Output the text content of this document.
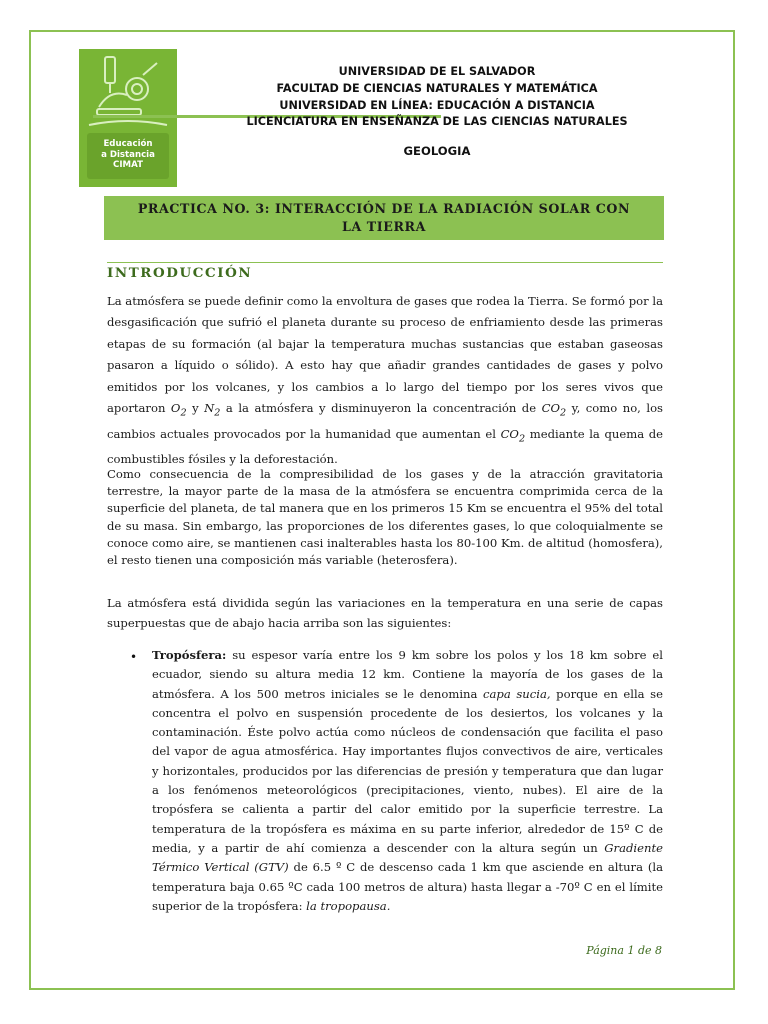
Educación
a Distancia
CIMAT
UNIVERSIDAD DE EL SALVADOR
FACULTAD DE CIENCIAS NATURALES Y MATEMÁTICA
UNIVERSIDAD EN LÍNEA: EDUCACIÓN A DISTANCIA
LICENCIATURA EN ENSEÑANZA DE LAS CIENCIAS NATURALES
GEOLOGIA
PRACTICA NO. 3: INTERACCIÓN DE LA RADIACIÓN SOLAR CON LA TIERRA
INTRODUCCIÓN

La atmósfera se puede definir como la envoltura de gases que rodea la Tierra. Se formó por la desgasificación que sufrió el planeta durante su proceso de enfriamiento desde las primeras etapas de su formación (al bajar la temperatura muchas sustancias que estaban gaseosas pasaron a líquido o sólido). A esto hay que añadir grandes cantidades de gases y polvo emitidos por los volcanes, y los cambios a lo largo del tiempo por los seres vivos que aportaron $O_2$ y $N_2$ a la atmósfera y disminuyeron la concentración de $CO_2$ y, como no, los cambios actuales provocados por la humanidad que aumentan el $CO_2$ mediante la quema de combustibles fósiles y la deforestación.

Como consecuencia de la compresibilidad de los gases y de la atracción gravitatoria terrestre, la mayor parte de la masa de la atmósfera se encuentra comprimida cerca de la superficie del planeta, de tal manera que en los primeros 15 Km se encuentra el 95% del total de su masa. Sin embargo, las proporciones de los diferentes gases, lo que coloquialmente se conoce como aire, se mantienen casi inalterables hasta los 80-100 Km. de altitud (homosfera), el resto tienen una composición más variable (heterosfera).

La atmósfera está dividida según las variaciones en la temperatura en una serie de capas superpuestas que de abajo hacia arriba son las siguientes:

• Tropósfera: su espesor varía entre los 9 km sobre los polos y los 18 km sobre el ecuador, siendo su altura media 12 km. Contiene la mayoría de los gases de la atmósfera. A los 500 metros iniciales se le denomina capa sucia, porque en ella se concentra el polvo en suspensión procedente de los desiertos, los volcanes y la contaminación. Éste polvo actúa como núcleos de condensación que facilita el paso del vapor de agua atmosférica. Hay importantes flujos convectivos de aire, verticales y horizontales, producidos por las diferencias de presión y temperatura que dan lugar a los fenómenos meteorológicos (precipitaciones, viento, nubes). El aire de la tropósfera se calienta a partir del calor emitido por la superficie terrestre. La temperatura de la tropósfera es máxima en su parte inferior, alrededor de 15º C de media, y a partir de ahí comienza a descender con la altura según un Gradiente Térmico Vertical (GTV) de 6.5 º C de descenso cada 1 km que asciende en altura (la temperatura baja 0.65 ºC cada 100 metros de altura) hasta llegar a -70º C en el límite superior de la tropósfera: la tropopausa.

Página 1 de 8
